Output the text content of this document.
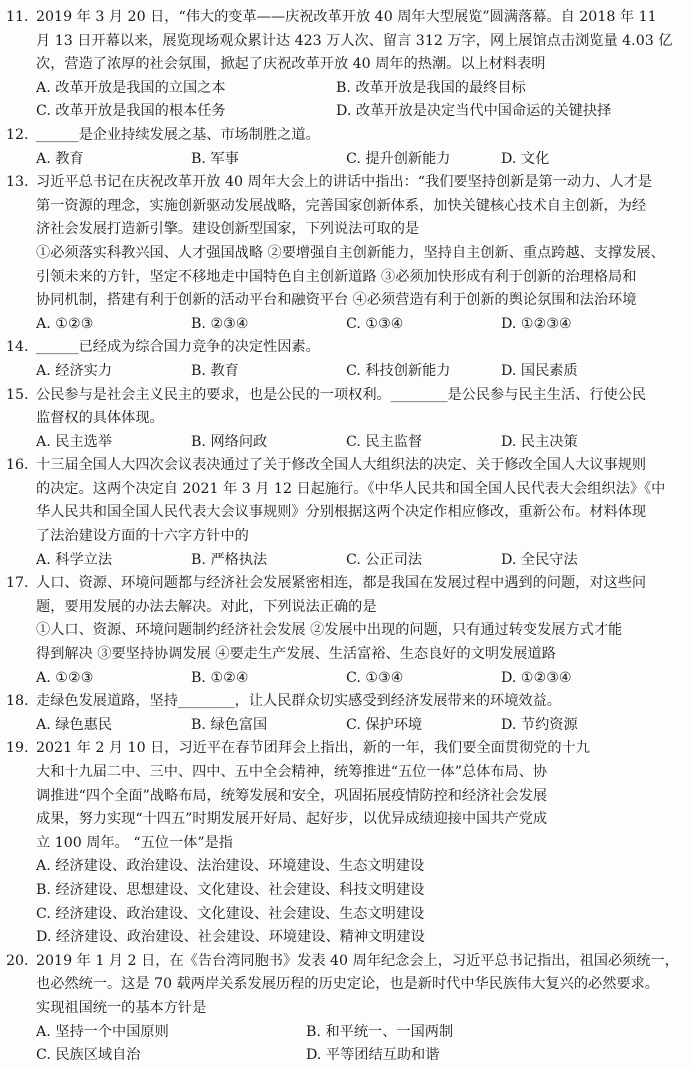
11. 2019 年 3 月 20 日，“伟大的变革——庆祝改革开放 40 周年大型展览”圆满落幕。自 2018 年 11
月 13 日开幕以来，展览现场观众累计达 423 万人次、留言 312 万字，网上展馆点击浏览量 4.03 亿
次，营造了浓厚的社会氛围，掀起了庆祝改革开放 40 周年的热潮。以上材料表明
A. 改革开放是我国的立国之本	B. 改革开放是我国的最终目标
C. 改革开放是我国的根本任务	D. 改革开放是决定当代中国命运的关键抉择
12. ______是企业持续发展之基、市场制胜之道。
A. 教育	B. 军事	C. 提升创新能力	D. 文化
13. 习近平总书记在庆祝改革开放 40 周年大会上的讲话中指出：“我们要坚持创新是第一动力、人才是
第一资源的理念，实施创新驱动发展战略，完善国家创新体系，加快关键核心技术自主创新，为经
济社会发展打造新引擎。建设创新型国家，下列说法可取的是
①必须落实科教兴国、人才强国战略 ②要增强自主创新能力，坚持自主创新、重点跨越、支撑发展、
引领未来的方针，坚定不移地走中国特色自主创新道路 ③必须加快形成有利于创新的治理格局和
协同机制，搭建有利于创新的活动平台和融资平台 ④必须营造有利于创新的舆论氛围和法治环境
A. ①②③	B. ②③④	C. ①③④	D. ①②③④
14. ______已经成为综合国力竞争的决定性因素。
A. 经济实力	B. 教育	C. 科技创新能力	D. 国民素质
15. 公民参与是社会主义民主的要求，也是公民的一项权利。________是公民参与民主生活、行使公民
监督权的具体体现。
A. 民主选举	B. 网络问政	C. 民主监督	D. 民主决策
16. 十三届全国人大四次会议表决通过了关于修改全国人大组织法的决定、关于修改全国人大议事规则
的决定。这两个决定自 2021 年 3 月 12 日起施行。《中华人民共和国全国人民代表大会组织法》《中
华人民共和国全国人民代表大会议事规则》分别根据这两个决定作相应修改，重新公布。材料体现
了法治建设方面的十六字方针中的
A. 科学立法	B. 严格执法	C. 公正司法	D. 全民守法
17. 人口、资源、环境问题都与经济社会发展紧密相连，都是我国在发展过程中遇到的问题，对这些问
题，要用发展的办法去解决。对此，下列说法正确的是
①人口、资源、环境问题制约经济社会发展 ②发展中出现的问题，只有通过转变发展方式才能
得到解决 ③要坚持协调发展 ④要走生产发展、生活富裕、生态良好的文明发展道路
A. ①②③	B. ①②④	C. ①③④	D. ①②③④
18. 走绿色发展道路，坚持________，让人民群众切实感受到经济发展带来的环境效益。
A. 绿色惠民	B. 绿色富国	C. 保护环境	D. 节约资源
19. 2021 年 2 月 10 日，习近平在春节团拜会上指出，新的一年，我们要全面贯彻党的十九
大和十九届二中、三中、四中、五中全会精神，统筹推进“五位一体”总体布局、协
调推进“四个全面”战略布局，统筹发展和安全，巩固拓展疫情防控和经济社会发展
成果，努力实现“十四五”时期发展开好局、起好步，以优异成绩迎接中国共产党成
立 100 周年。 “五位一体”是指
A. 经济建设、政治建设、法治建设、环境建设、生态文明建设
B. 经济建设、思想建设、文化建设、社会建设、科技文明建设
C. 经济建设、政治建设、文化建设、社会建设、生态文明建设
D. 经济建设、政治建设、社会建设、环境建设、精神文明建设
20. 2019 年 1 月 2 日，在《告台湾同胞书》发表 40 周年纪念会上，习近平总书记指出，祖国必须统一，
也必然统一。这是 70 载两岸关系发展历程的历史定论，也是新时代中华民族伟大复兴的必然要求。
实现祖国统一的基本方针是
A. 坚持一个中国原则	B. 和平统一、一国两制
C. 民族区域自治	D. 平等团结互助和谐
